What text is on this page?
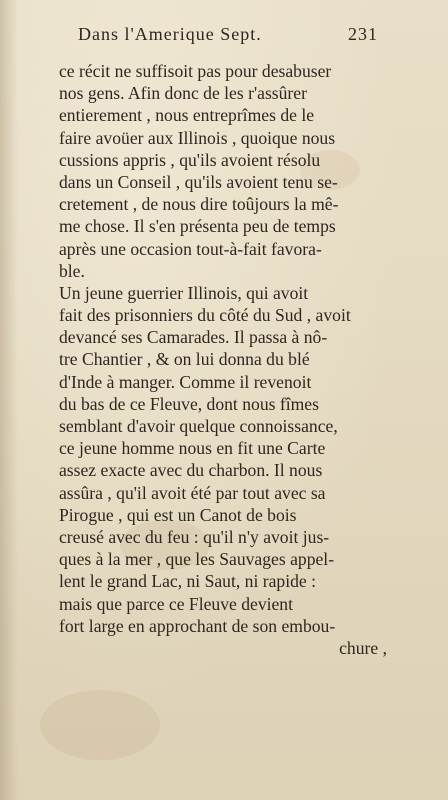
Dans l'Amerique Sept.	231
ce récit ne suffisoit pas pour desabuser
nos gens. Afin donc de les r'assûrer
entierement , nous entreprîmes de le
faire avoüer aux Illinois , quoique nous
cussions appris , qu'ils avoient résolu
dans un Conseil , qu'ils avoient tenu se-
cretement , de nous dire toûjours la mê-
me chose. Il s'en présenta peu de temps
après une occasion tout-à-fait favora-
ble.
Un jeune guerrier Illinois, qui avoit
fait des prisonniers du côté du Sud , avoit
devancé ses Camarades. Il passa à nô-
tre Chantier , & on lui donna du blé
d'Inde à manger. Comme il revenoit
du bas de ce Fleuve, dont nous fîmes
semblant d'avoir quelque connoissance,
ce jeune homme nous en fit une Carte
assez exacte avec du charbon. Il nous
assûra , qu'il avoit été par tout avec sa
Pirogue , qui est un Canot de bois
creusé avec du feu : qu'il n'y avoit jus-
ques à la mer , que les Sauvages appel-
lent le grand Lac, ni Saut, ni rapide :
mais que parce ce Fleuve devient
fort large en approchant de son embou-
chure ,
